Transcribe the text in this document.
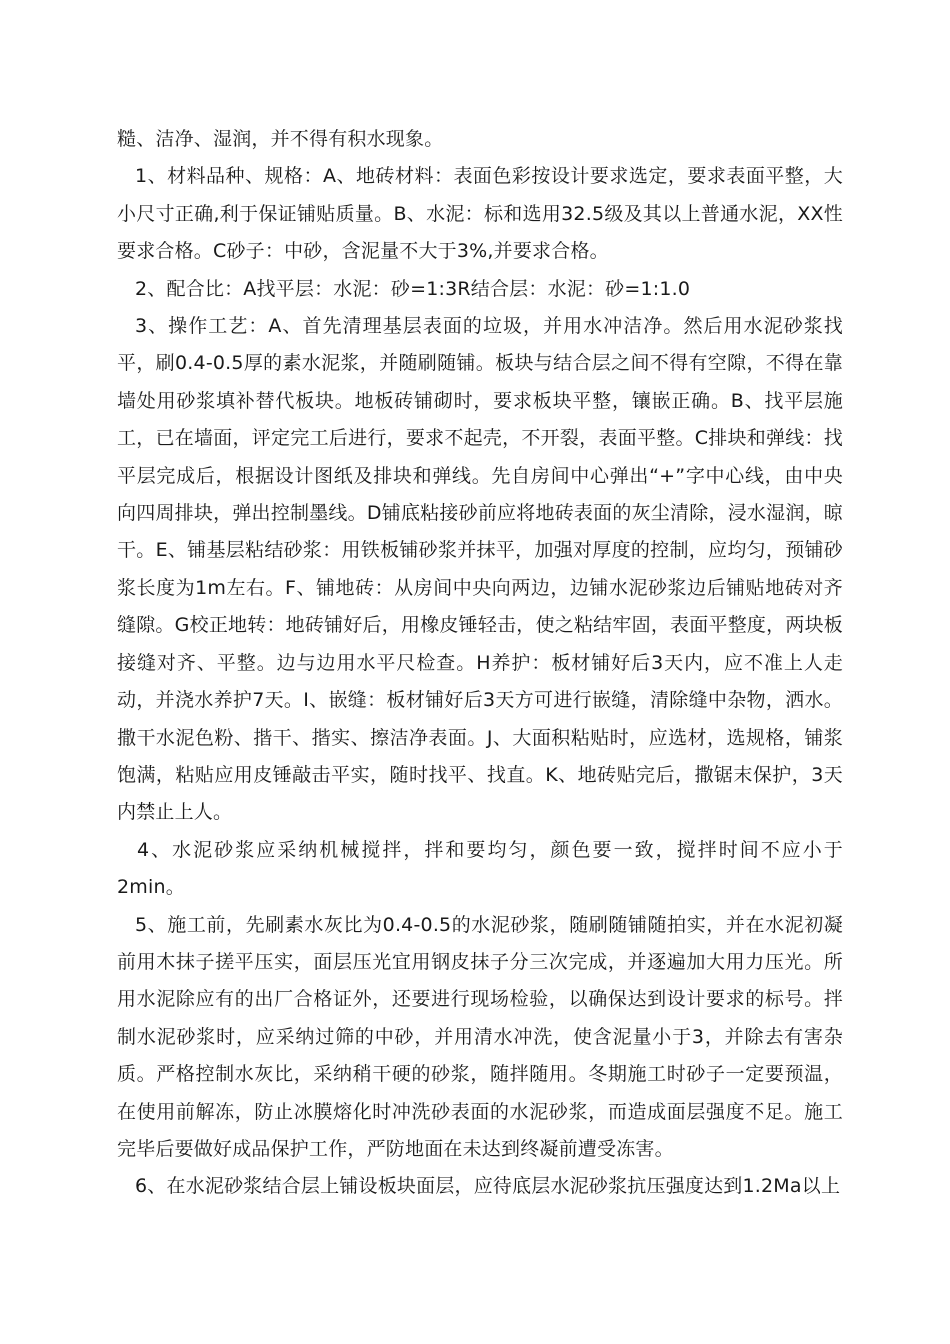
糙、洁净、湿润，并不得有积水现象。

1、材料品种、规格：A、地砖材料：表面色彩按设计要求选定，要求表面平整，大小尺寸正确,利于保证铺贴质量。B、水泥：标和选用32.5级及其以上普通水泥，XX性要求合格。C砂子：中砂，含泥量不大于3%,并要求合格。

2、配合比：A找平层：水泥：砂=1:3R结合层：水泥：砂=1:1.0

3、操作工艺：A、首先清理基层表面的垃圾，并用水冲洁净。然后用水泥砂浆找平，刷0.4-0.5厚的素水泥浆，并随刷随铺。板块与结合层之间不得有空隙，不得在靠墙处用砂浆填补替代板块。地板砖铺砌时，要求板块平整，镶嵌正确。B、找平层施工，已在墙面，评定完工后进行，要求不起壳，不开裂，表面平整。C排块和弹线：找平层完成后，根据设计图纸及排块和弹线。先自房间中心弹出“+”字中心线，由中央向四周排块，弹出控制墨线。D铺底粘接砂前应将地砖表面的灰尘清除，浸水湿润，晾干。E、铺基层粘结砂浆：用铁板铺砂浆并抹平，加强对厚度的控制，应均匀，预铺砂浆长度为1m左右。F、铺地砖：从房间中央向两边，边铺水泥砂浆边后铺贴地砖对齐缝隙。G校正地转：地砖铺好后，用橡皮锤轻击，使之粘结牢固，表面平整度，两块板接缝对齐、平整。边与边用水平尺检查。H养护：板材铺好后3天内，应不准上人走动，并浇水养护7天。I、嵌缝：板材铺好后3天方可进行嵌缝，清除缝中杂物，洒水。撒干水泥色粉、揩干、揩实、擦洁净表面。J、大面积粘贴时，应选材，选规格，铺浆饱满，粘贴应用皮锤敲击平实，随时找平、找直。K、地砖贴完后，撒锯末保护，3天内禁止上人。

4、水泥砂浆应采纳机械搅拌，拌和要均匀，颜色要一致，搅拌时间不应小于2min。

5、施工前，先刷素水灰比为0.4-0.5的水泥砂浆，随刷随铺随拍实，并在水泥初凝前用木抹子搓平压实，面层压光宜用钢皮抹子分三次完成，并逐遍加大用力压光。所用水泥除应有的出厂合格证外，还要进行现场检验，以确保达到设计要求的标号。拌制水泥砂浆时，应采纳过筛的中砂，并用清水冲洗，使含泥量小于3，并除去有害杂质。严格控制水灰比，采纳稍干硬的砂浆，随拌随用。冬期施工时砂子一定要预温，在使用前解冻，防止冰膜熔化时冲洗砂表面的水泥砂浆，而造成面层强度不足。施工完毕后要做好成品保护工作，严防地面在未达到终凝前遭受冻害。

6、在水泥砂浆结合层上铺设板块面层，应待底层水泥砂浆抗压强度达到1.2Ma以上
